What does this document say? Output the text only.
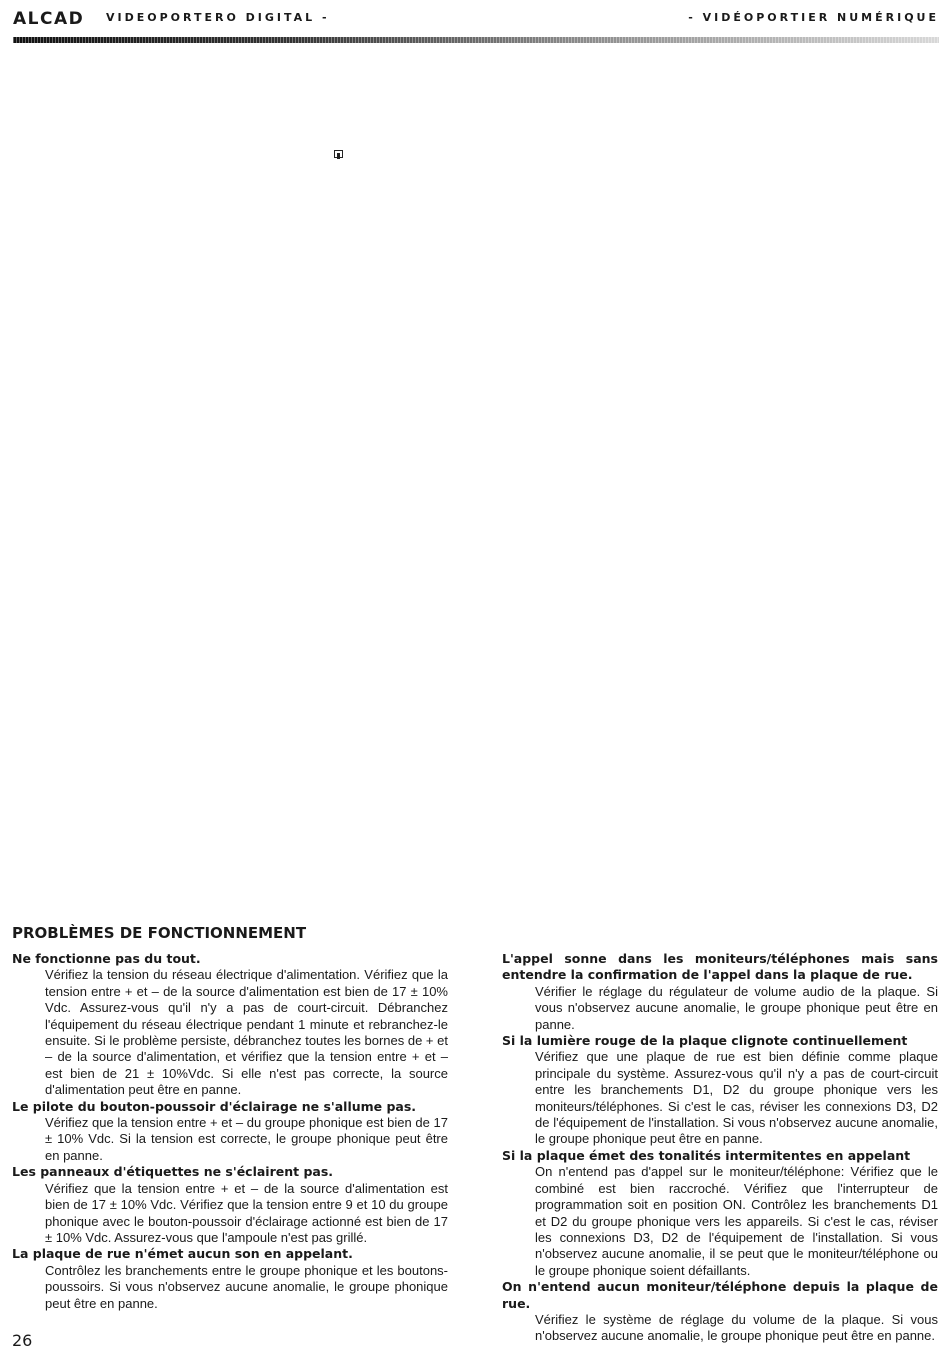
ALCAD VIDEOPORTERO DIGITAL -	- VIDÉOPORTIER NUMÉRIQUE
PROBLÈMES DE FONCTIONNEMENT
Ne fonctionne pas du tout.
Vérifiez la tension du réseau électrique d'alimentation. Vérifiez que la tension entre + et – de la source d'alimentation est bien de 17 ± 10% Vdc. Assurez-vous qu'il n'y a pas de court-circuit. Débranchez l'équipement du réseau électrique pendant 1 minute et rebranchez-le ensuite. Si le problème persiste, débranchez toutes les bornes de + et – de la source d'alimentation, et vérifiez que la tension entre + et – est bien de 21 ± 10%Vdc. Si elle n'est pas correcte, la source d'alimentation peut être en panne.
Le pilote du bouton-poussoir d'éclairage ne s'allume pas.
Vérifiez que la tension entre + et – du groupe phonique est bien de 17 ± 10% Vdc. Si la tension est correcte, le groupe phonique peut être en panne.
Les panneaux d'étiquettes ne s'éclairent pas.
Vérifiez que la tension entre + et – de la source d'alimentation est bien de 17 ± 10% Vdc. Vérifiez que la tension entre 9 et 10 du groupe phonique avec le bouton-poussoir d'éclairage actionné est bien de 17 ± 10% Vdc. Assurez-vous que l'ampoule n'est pas grillé.
La plaque de rue n'émet aucun son en appelant.
Contrôlez les branchements entre le groupe phonique et les boutons-poussoirs. Si vous n'observez aucune anomalie, le groupe phonique peut être en panne.
L'appel sonne dans les moniteurs/téléphones mais sans entendre la confirmation de l'appel dans la plaque de rue.
Vérifier le réglage du régulateur de volume audio de la plaque. Si vous n'observez aucune anomalie, le groupe phonique peut être en panne.
Si la lumière rouge de la plaque clignote continuellement
Vérifiez que une plaque de rue est bien définie comme plaque principale du système. Assurez-vous qu'il n'y a pas de court-circuit entre les branchements D1, D2 du groupe phonique vers les moniteurs/téléphones. Si c'est le cas, réviser les connexions D3, D2 de l'équipement de l'installation. Si vous n'observez aucune anomalie, le groupe phonique peut être en panne.
Si la plaque émet des tonalités intermitentes en appelant
On n'entend pas d'appel sur le moniteur/téléphone: Vérifiez que le combiné est bien raccroché. Vérifiez que l'interrupteur de programmation soit en position ON. Contrôlez les branchements D1 et D2 du groupe phonique vers les appareils. Si c'est le cas, réviser les connexions D3, D2 de l'équipement de l'installation. Si vous n'observez aucune anomalie, il se peut que le moniteur/téléphone ou le groupe phonique soient défaillants.
On n'entend aucun moniteur/téléphone depuis la plaque de rue.
Vérifiez le système de réglage du volume de la plaque. Si vous n'observez aucune anomalie, le groupe phonique peut être en panne.
26
